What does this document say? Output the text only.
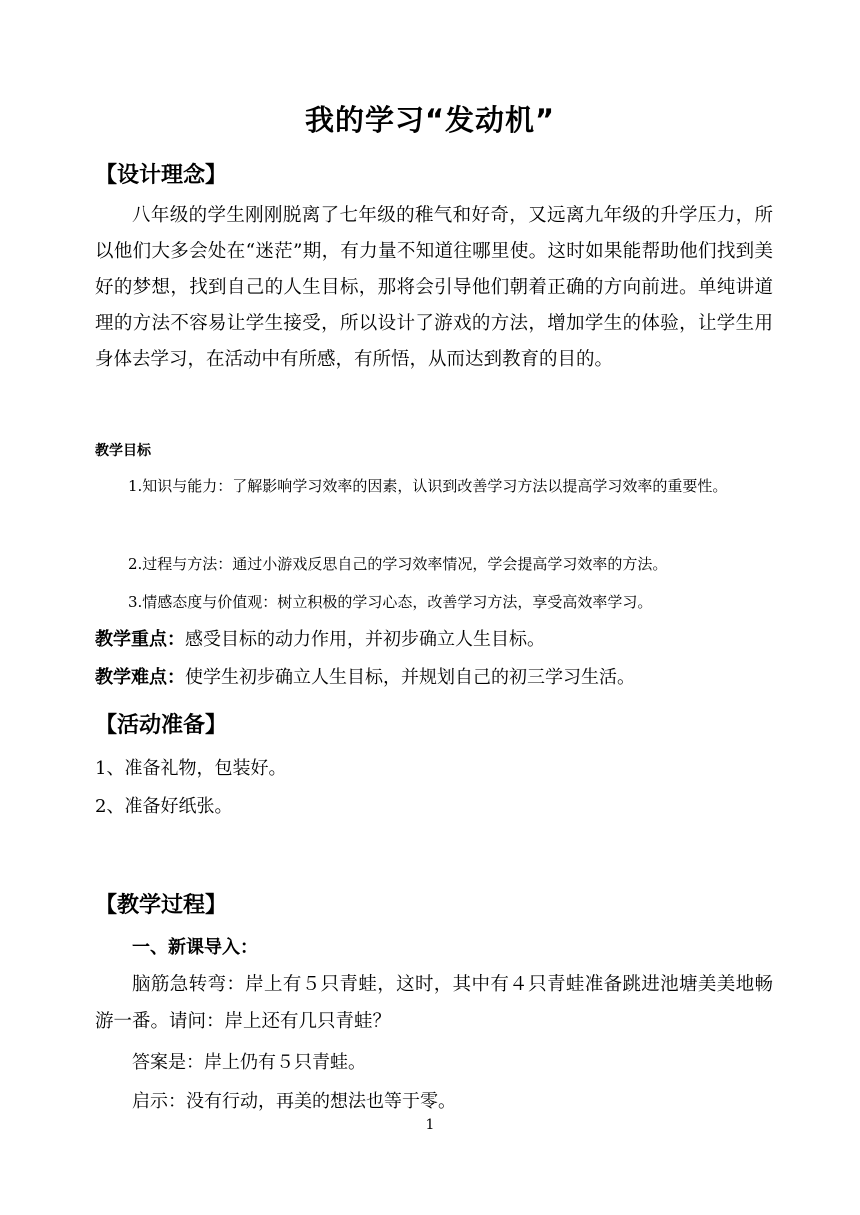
我的学习“发动机”
【设计理念】
八年级的学生刚刚脱离了七年级的稚气和好奇，又远离九年级的升学压力，所以他们大多会处在“迷茫”期，有力量不知道往哪里使。这时如果能帮助他们找到美好的梦想，找到自己的人生目标，那将会引导他们朝着正确的方向前进。单纯讲道理的方法不容易让学生接受，所以设计了游戏的方法，增加学生的体验，让学生用身体去学习，在活动中有所感，有所悟，从而达到教育的目的。
教学目标
1.知识与能力：了解影响学习效率的因素，认识到改善学习方法以提高学习效率的重要性。
2.过程与方法：通过小游戏反思自己的学习效率情况，学会提高学习效率的方法。
3.情感态度与价值观：树立积极的学习心态，改善学习方法，享受高效率学习。
教学重点：感受目标的动力作用，并初步确立人生目标。
教学难点：使学生初步确立人生目标，并规划自己的初三学习生活。
【活动准备】
1、准备礼物，包装好。
2、准备好纸张。
【教学过程】
一、新课导入：
脑筋急转弯：岸上有５只青蛙，这时，其中有４只青蛙准备跳进池塘美美地畅游一番。请问：岸上还有几只青蛙？
答案是：岸上仍有５只青蛙。
启示：没有行动，再美的想法也等于零。
1
